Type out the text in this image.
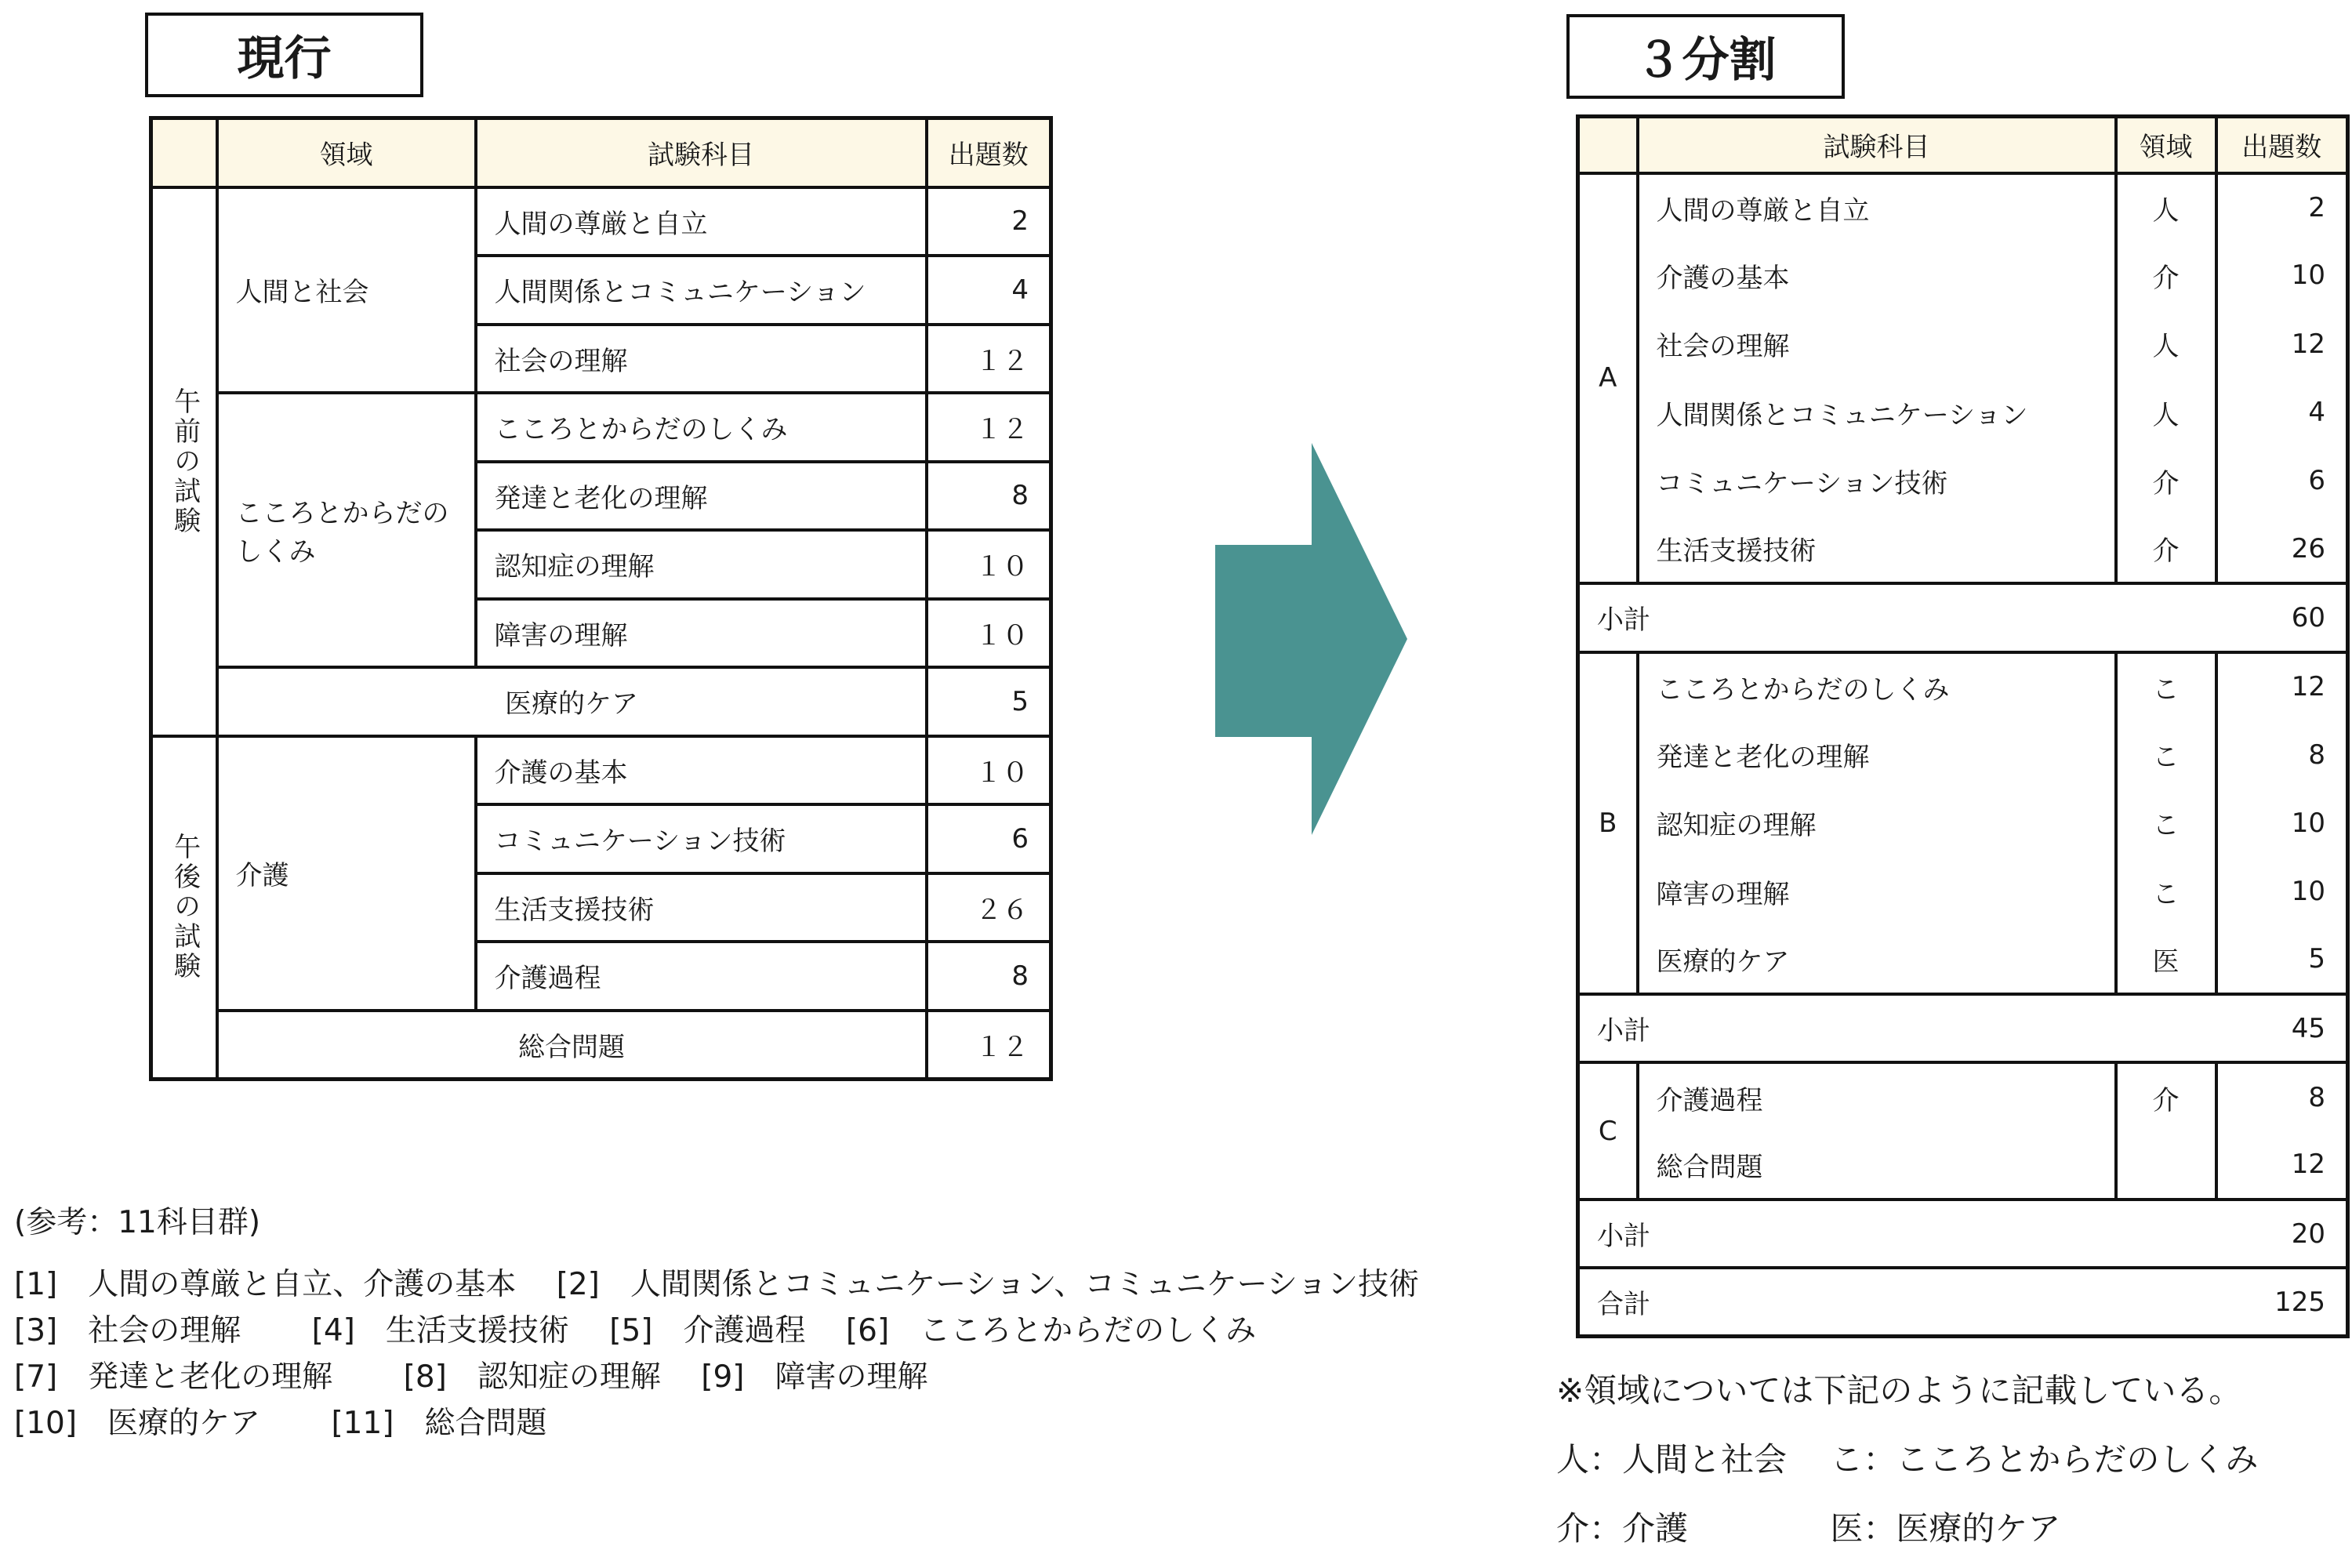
現行	３分割
	領域	試験科目	出題数

午前の試験	人間と社会	人間の尊厳と自立	2
		人間関係とコミュニケーション	4
		社会の理解	１２
	こころとからだの
しくみ	こころとからだのしくみ	１２
		発達と老化の理解	8
		認知症の理解	１０
		障害の理解	１０
	医療的ケア		5

午後の試験	介護	介護の基本	１０
		コミュニケーション技術	6
		生活支援技術	２６
		介護過程	8
	総合問題		１２
	試験科目	領域	出題数
A	人間の尊厳と自立	人	2
	介護の基本	介	10
	社会の理解	人	12
	人間関係とコミュニケーション	人	4
	コミュニケーション技術	介	6
	生活支援技術	介	26
小計		60	
B	こころとからだのしくみ	こ	12
	発達と老化の理解	こ	8
	認知症の理解	こ	10
	障害の理解	こ	10
	医療的ケア	医	5
小計		45	
C	介護過程	介	8
	総合問題		12
小計		20	
合計		125	
(参考：11科目群)
[1]　人間の尊厳と自立、介護の基本　 [2]　人間関係とコミュニケーション、コミュニケーション技術
[3]　社会の理解　　 [4]　生活支援技術　 [5]　介護過程　 [6]　こころとからだのしくみ
[7]　発達と老化の理解　　 [8]　認知症の理解　 [9]　障害の理解
[10]　医療的ケア　　 [11]　総合問題
※領域については下記のように記載している。
人：人間と社会　 こ：こころとからだのしくみ
介：介護　　　　 医：医療的ケア
